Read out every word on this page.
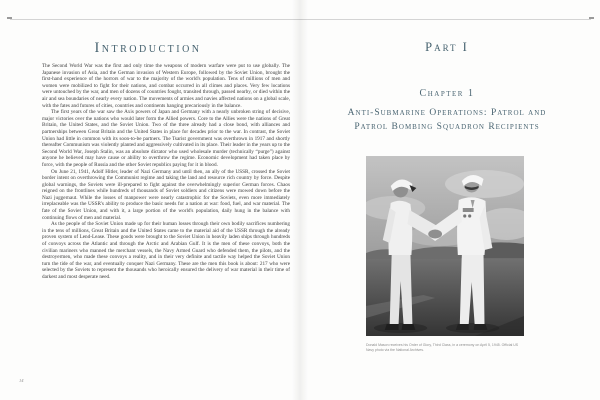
Introduction

The Second World War was the first and only time the weapons of modern warfare were put to use globally. The Japanese invasion of Asia, and the German invasion of Western Europe, followed by the Soviet Union, brought the first-hand experience of the horrors of war to the majority of the world's population. Tens of millions of men and women were mobilized to fight for their nations, and combat occurred in all climes and places. Very few locations were untouched by the war, and men of dozens of countries fought, transited through, passed nearby, or died within the air and sea boundaries of nearly every nation. The movements of armies and navies affected nations on a global scale, with the fates and futures of cities, countries and continents hanging precariously in the balance.

The first years of the war saw the Axis powers of Japan and Germany with a nearly unbroken string of decisive, major victories over the nations who would later form the Allied powers. Core to the Allies were the nations of Great Britain, the United States, and the Soviet Union. Two of the three already had a close bond, with alliances and partnerships between Great Britain and the United States in place for decades prior to the war. In contrast, the Soviet Union had little in common with its soon-to-be partners. The Tsarist government was overthrown in 1917 and shortly thereafter Communism was violently planted and aggressively cultivated in its place. Their leader in the years up to the Second World War, Joseph Stalin, was an absolute dictator who used wholesale murder (technically “purge”) against anyone he believed may have cause or ability to overthrow the regime. Economic development had taken place by force, with the people of Russia and the other Soviet republics paying for it in blood.

On June 21, 1941, Adolf Hitler, leader of Nazi Germany and until then, an ally of the USSR, crossed the Soviet border intent on overthrowing the Communist regime and taking the land and resource rich country by force. Despite global warnings, the Soviets were ill-prepared to fight against the overwhelmingly superior German forces. Chaos reigned on the frontlines while hundreds of thousands of Soviet soldiers and citizens were mowed down before the Nazi juggernaut. While the losses of manpower were nearly catastrophic for the Soviets, even more immediately irreplaceable was the USSR's ability to produce the basic needs for a nation at war: food, fuel, and war material. The fate of the Soviet Union, and with it, a large portion of the world's population, daily hung in the balance with continuing flows of men and material.

As the people of the Soviet Union made up for their human losses through their own bodily sacrifices numbering in the tens of millions, Great Britain and the United States came to the material aid of the USSR through the already proven system of Lend-Lease. These goods were brought to the Soviet Union in heavily laden ships through hundreds of convoys across the Atlantic and through the Arctic and Arabian Gulf. It is the men of these convoys, both the civilian mariners who manned the merchant vessels, the Navy Armed Guard who defended them, the pilots, and the destroyermen, who made these convoys a reality, and in their very definite and tactile way helped the Soviet Union turn the tide of the war, and eventually conquer Nazi Germany. These are the men this book is about: 217 who were selected by the Soviets to represent the thousands who heroically ensured the delivery of war material in their time of darkest and most desperate need.

14
Part I
Chapter 1
Anti-Submarine Operations: Patrol and Patrol Bombing Squadron Recipients
Donald Mason receives his Order of Glory, Third Class, in a ceremony on April 5, 1945. Official US Navy photo via the National Archives.
